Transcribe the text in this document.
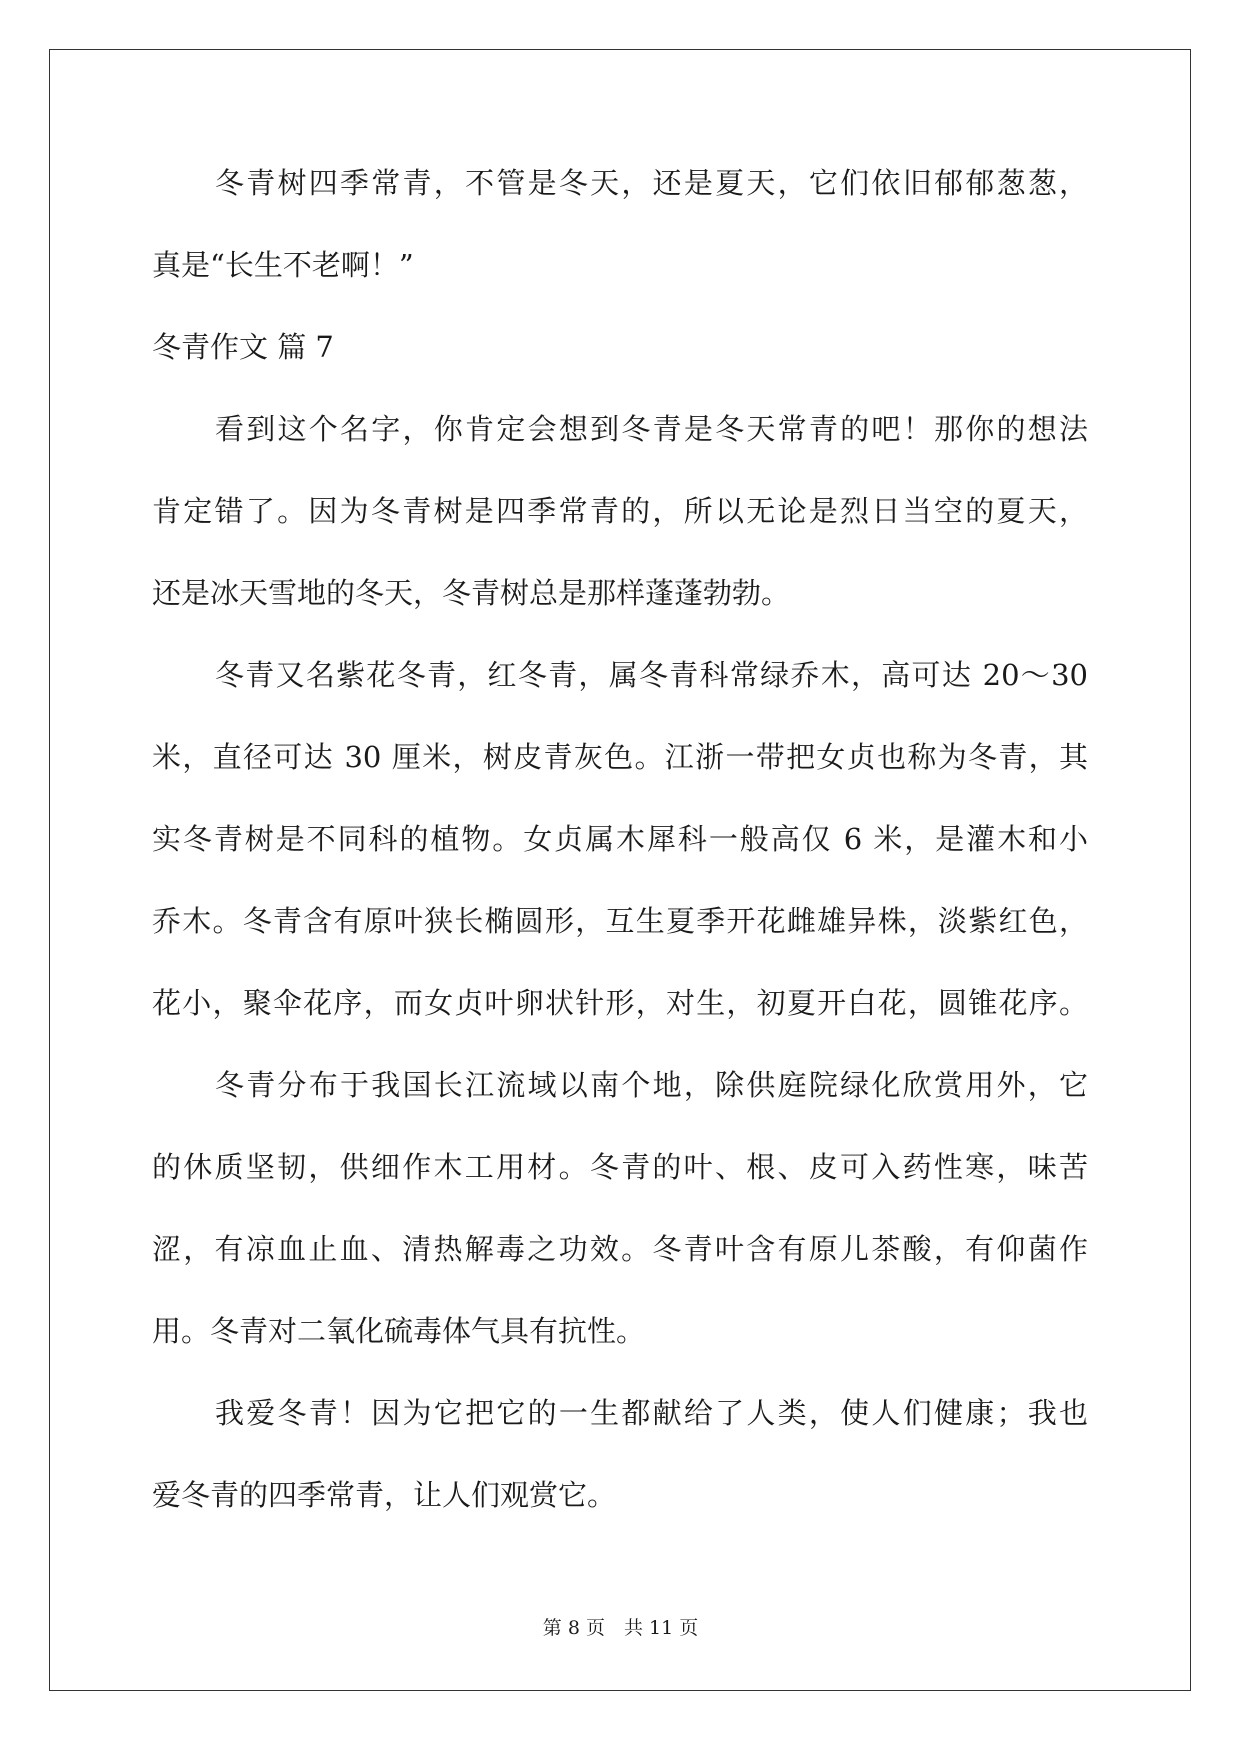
冬青树四季常青，不管是冬天，还是夏天，它们依旧郁郁葱葱，
真是“长生不老啊！”
冬青作文 篇 7
看到这个名字，你肯定会想到冬青是冬天常青的吧！那你的想法
肯定错了。因为冬青树是四季常青的，所以无论是烈日当空的夏天，
还是冰天雪地的冬天，冬青树总是那样蓬蓬勃勃。
冬青又名紫花冬青，红冬青，属冬青科常绿乔木，高可达 20～30
米，直径可达 30 厘米，树皮青灰色。江浙一带把女贞也称为冬青，其
实冬青树是不同科的植物。女贞属木犀科一般高仅 6 米，是灌木和小
乔木。冬青含有原叶狭长椭圆形，互生夏季开花雌雄异株，淡紫红色，
花小，聚伞花序，而女贞叶卵状针形，对生，初夏开白花，圆锥花序。
冬青分布于我国长江流域以南个地，除供庭院绿化欣赏用外，它
的休质坚韧，供细作木工用材。冬青的叶、根、皮可入药性寒，味苦
涩，有凉血止血、清热解毒之功效。冬青叶含有原儿茶酸，有仰菌作
用。冬青对二氧化硫毒体气具有抗性。
我爱冬青！因为它把它的一生都献给了人类，使人们健康；我也
爱冬青的四季常青，让人们观赏它。
第 8 页　共 11 页
